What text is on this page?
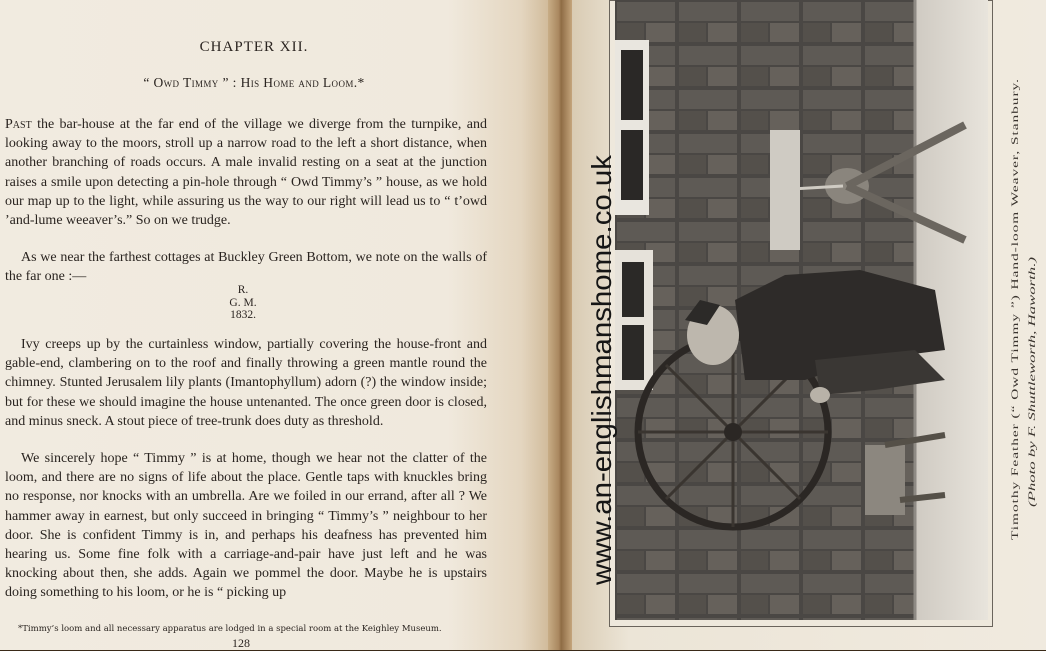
CHAPTER XII.
“ Owd Timmy ” : His Home and Loom.*

Past the bar-house at the far end of the village we diverge from the turnpike, and looking away to the moors, stroll up a narrow road to the left a short distance, when another branching of roads occurs. A male invalid resting on a seat at the junction raises a smile upon detecting a pin-hole through “ Owd Timmy’s ” house, as we hold our map up to the light, while assuring us the way to our right will lead us to “ t’owd ’and-lume weeaver’s.” So on we trudge.

As we near the farthest cottages at Buckley Green Bottom, we note on the walls of the far one :—

R.
G. M.
1832.

Ivy creeps up by the curtainless window, partially covering the house-front and gable-end, clambering on to the roof and finally throwing a green mantle round the chimney. Stunted Jerusalem lily plants (Imantophyllum) adorn (?) the window inside; but for these we should imagine the house untenanted. The once green door is closed, and minus sneck. A stout piece of tree-trunk does duty as threshold.

We sincerely hope “ Timmy ” is at home, though we hear not the clatter of the loom, and there are no signs of life about the place. Gentle taps with knuckles bring no response, nor knocks with an umbrella. Are we foiled in our errand, after all ? We hammer away in earnest, but only succeed in bringing “ Timmy’s ” neighbour to her door. She is confident Timmy is in, and perhaps his deafness has prevented him hearing us. Some fine folk with a carriage-and-pair have just left and he was knocking about then, she adds. Again we pommel the door. Maybe he is upstairs doing something to his loom, or he is “ picking up

*Timmy’s loom and all necessary apparatus are lodged in a special room at the Keighley Museum.
128
www.an-englishmanshome.co.uk	Timothy Feather (“ Owd Timmy ”) Hand-loom Weaver, Stanbury. (Photo by F. Shuttleworth, Haworth.)
